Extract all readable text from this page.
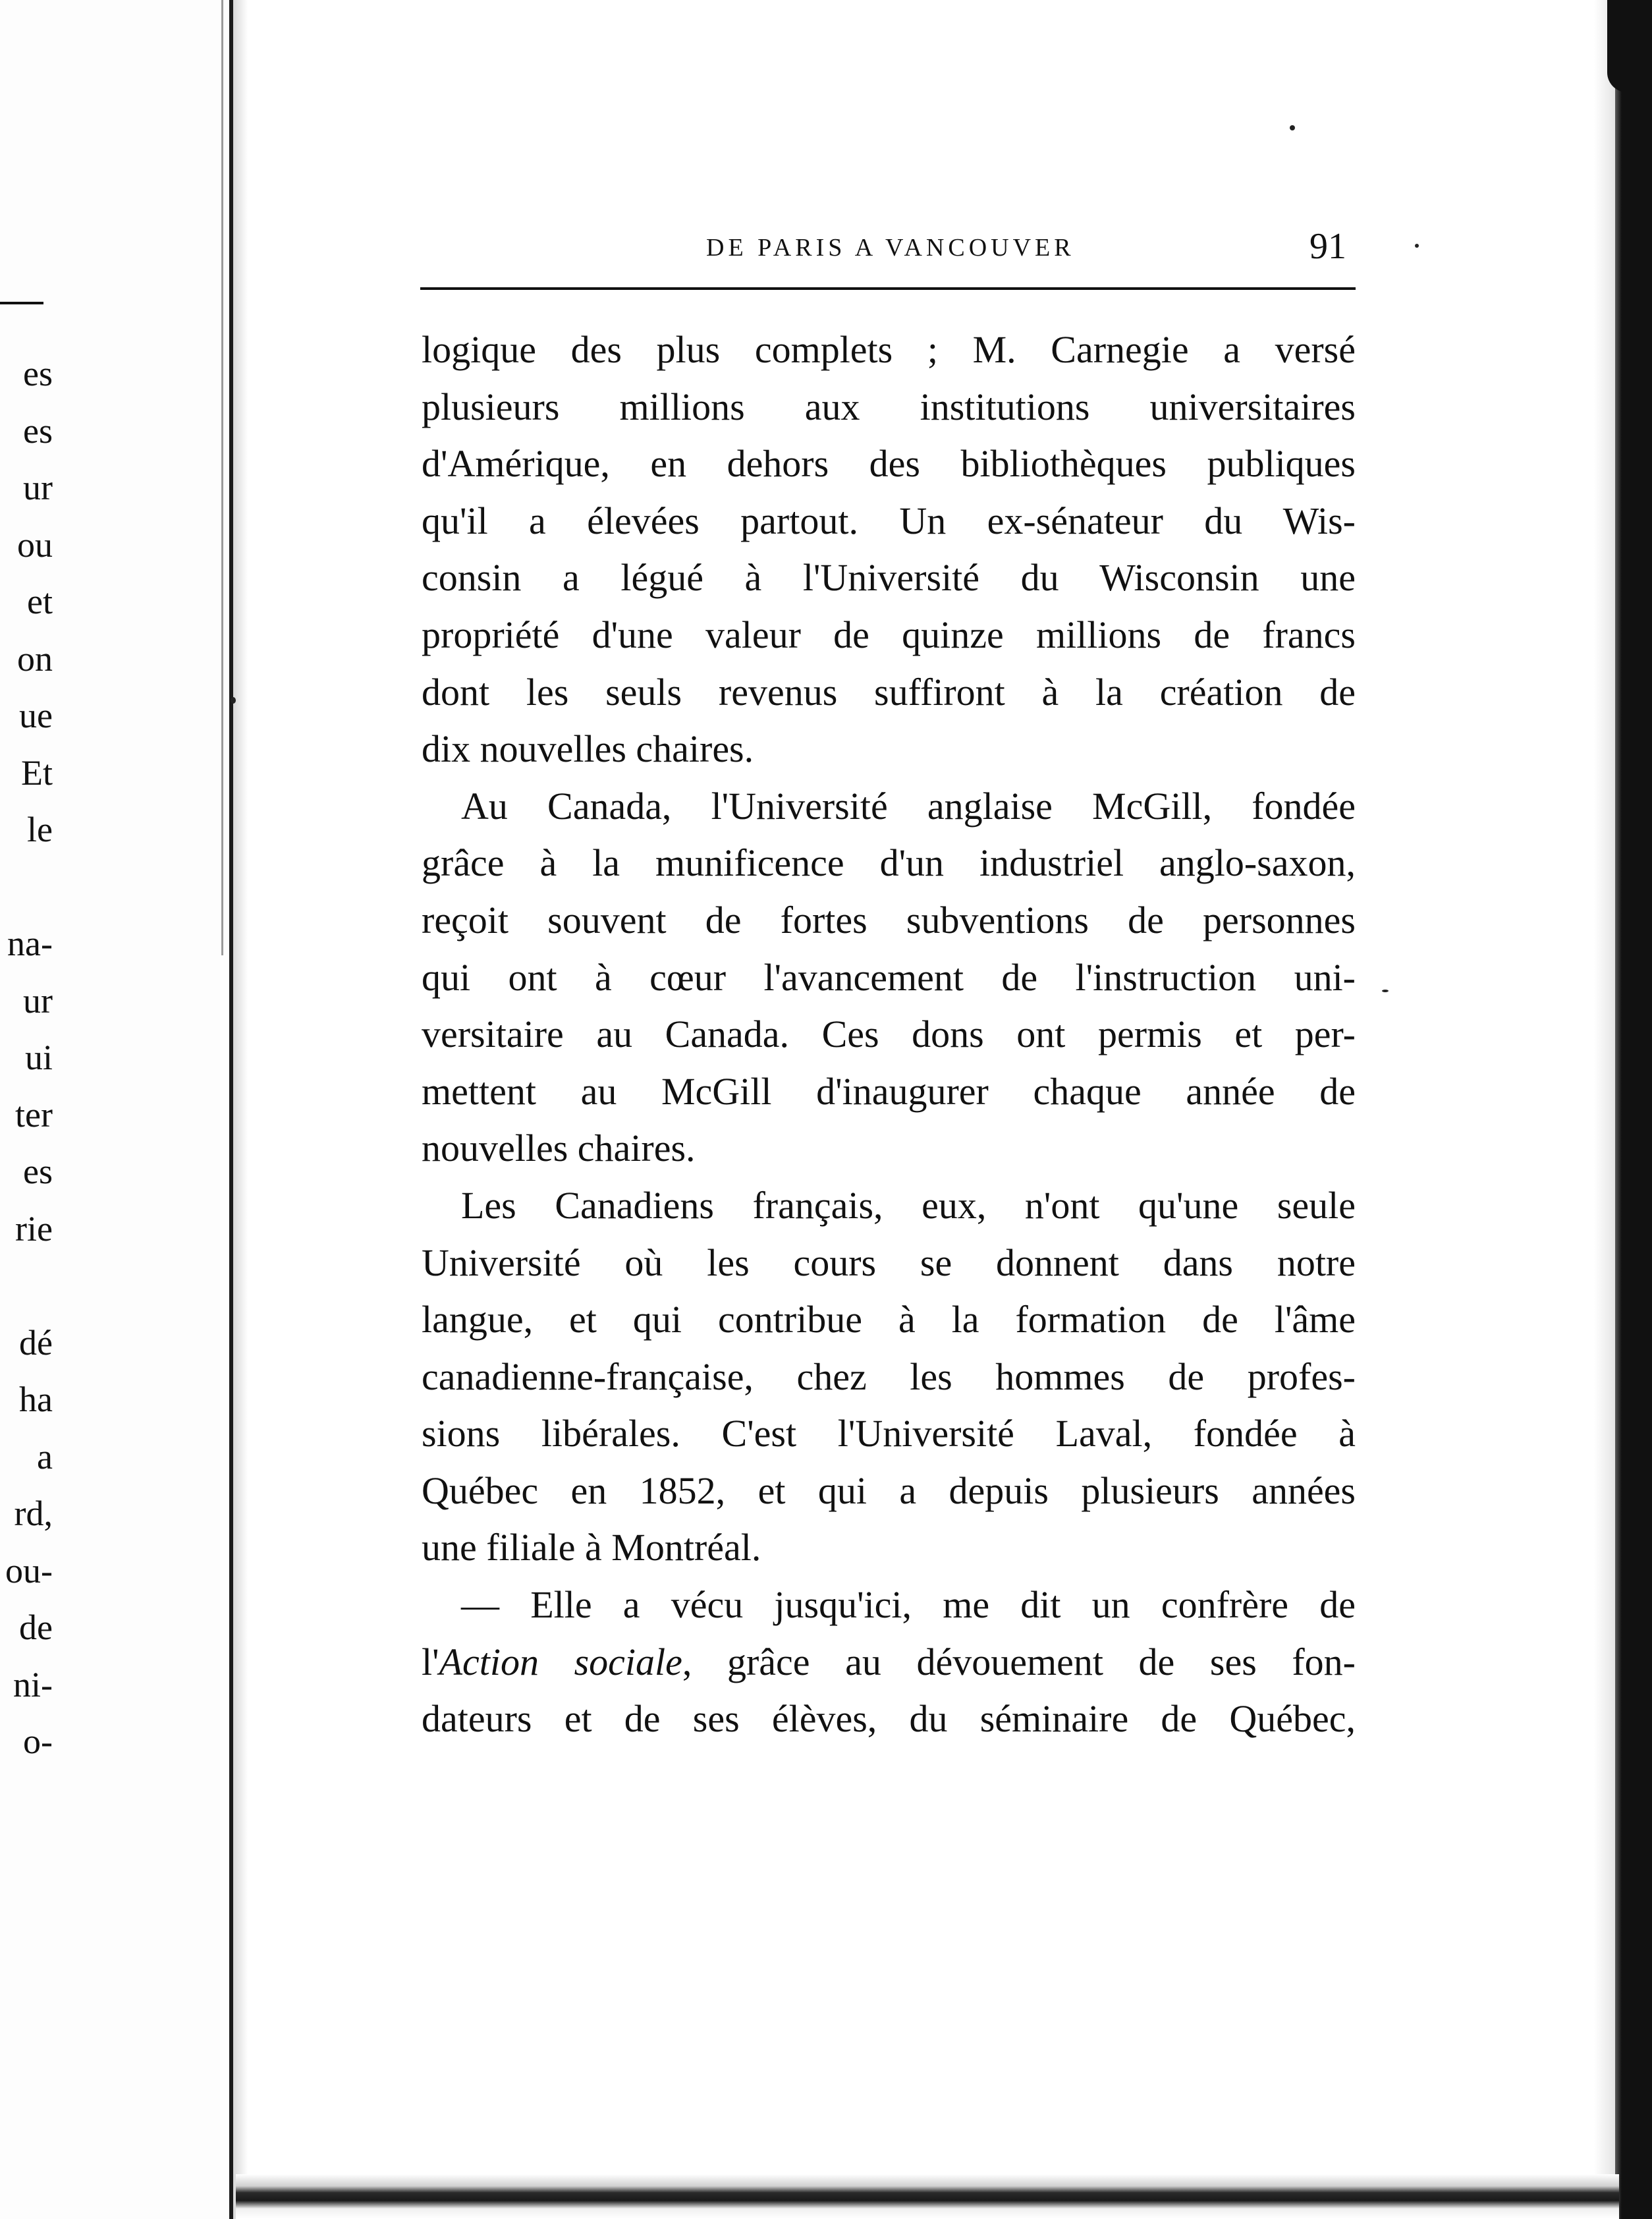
es
es
ur
ou
et
on
ue
Et
le
na-
ur
ui
ter
es
rie
dé
ha
a
rd,
ou-
de
ni-
o-
DE PARIS A VANCOUVER	91
logique des plus complets ; M. Carnegie a versé
plusieurs millions aux institutions universitaires
d'Amérique, en dehors des bibliothèques publiques
qu'il a élevées partout. Un ex-sénateur du Wis-
consin a légué à l'Université du Wisconsin une
propriété d'une valeur de quinze millions de francs
dont les seuls revenus suffiront à la création de
dix nouvelles chaires.
Au Canada, l'Université anglaise McGill, fondée
grâce à la munificence d'un industriel anglo-saxon,
reçoit souvent de fortes subventions de personnes
qui ont à cœur l'avancement de l'instruction uni-
versitaire au Canada. Ces dons ont permis et per-
mettent au McGill d'inaugurer chaque année de
nouvelles chaires.
Les Canadiens français, eux, n'ont qu'une seule
Université où les cours se donnent dans notre
langue, et qui contribue à la formation de l'âme
canadienne-française, chez les hommes de profes-
sions libérales. C'est l'Université Laval, fondée à
Québec en 1852, et qui a depuis plusieurs années
une filiale à Montréal.
— Elle a vécu jusqu'ici, me dit un confrère de
l'Action sociale, grâce au dévouement de ses fon-
dateurs et de ses élèves, du séminaire de Québec,
